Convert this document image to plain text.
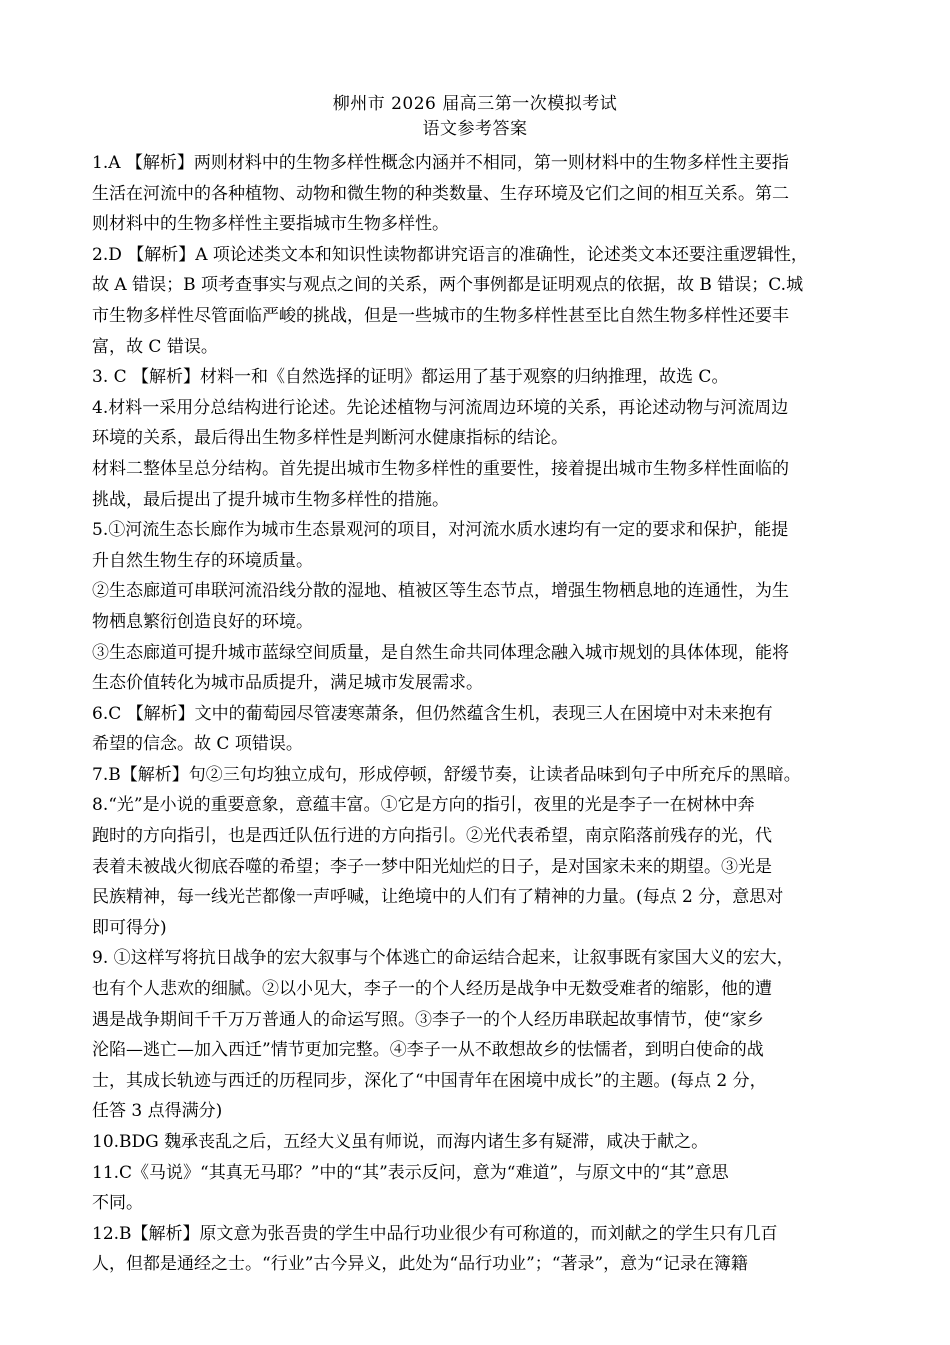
柳州市 2026 届高三第一次模拟考试
语文参考答案
1.A 【解析】两则材料中的生物多样性概念内涵并不相同，第一则材料中的生物多样性主要指
生活在河流中的各种植物、动物和微生物的种类数量、生存环境及它们之间的相互关系。第二
则材料中的生物多样性主要指城市生物多样性。
2.D 【解析】A 项论述类文本和知识性读物都讲究语言的准确性，论述类文本还要注重逻辑性，
故 A 错误；B 项考查事实与观点之间的关系，两个事例都是证明观点的依据，故 B 错误；C.城
市生物多样性尽管面临严峻的挑战，但是一些城市的生物多样性甚至比自然生物多样性还要丰
富，故 C 错误。
3. C 【解析】材料一和《自然选择的证明》都运用了基于观察的归纳推理，故选 C。
4.材料一采用分总结构进行论述。先论述植物与河流周边环境的关系，再论述动物与河流周边
环境的关系，最后得出生物多样性是判断河水健康指标的结论。
材料二整体呈总分结构。首先提出城市生物多样性的重要性，接着提出城市生物多样性面临的
挑战，最后提出了提升城市生物多样性的措施。
5.①河流生态长廊作为城市生态景观河的项目，对河流水质水速均有一定的要求和保护，能提
升自然生物生存的环境质量。
②生态廊道可串联河流沿线分散的湿地、植被区等生态节点，增强生物栖息地的连通性，为生
物栖息繁衍创造良好的环境。
③生态廊道可提升城市蓝绿空间质量，是自然生命共同体理念融入城市规划的具体体现，能将
生态价值转化为城市品质提升，满足城市发展需求。
6.C 【解析】文中的葡萄园尽管凄寒萧条，但仍然蕴含生机，表现三人在困境中对未来抱有
希望的信念。故 C 项错误。
7.B【解析】句②三句均独立成句，形成停顿，舒缓节奏，让读者品味到句子中所充斥的黑暗。
8.“光”是小说的重要意象，意蕴丰富。①它是方向的指引，夜里的光是李子一在树林中奔
跑时的方向指引，也是西迁队伍行进的方向指引。②光代表希望，南京陷落前残存的光，代
表着未被战火彻底吞噬的希望；李子一梦中阳光灿烂的日子，是对国家未来的期望。③光是
民族精神，每一线光芒都像一声呼喊，让绝境中的人们有了精神的力量。(每点 2 分，意思对
即可得分)
9. ①这样写将抗日战争的宏大叙事与个体逃亡的命运结合起来，让叙事既有家国大义的宏大，
也有个人悲欢的细腻。②以小见大，李子一的个人经历是战争中无数受难者的缩影，他的遭
遇是战争期间千千万万普通人的命运写照。③李子一的个人经历串联起故事情节，使“家乡
沦陷—逃亡—加入西迁”情节更加完整。④李子一从不敢想故乡的怯懦者，到明白使命的战
士，其成长轨迹与西迁的历程同步，深化了“中国青年在困境中成长”的主题。(每点 2 分，
任答 3 点得满分)
10.BDG 魏承丧乱之后，五经大义虽有师说，而海内诸生多有疑滞，咸决于献之。
11.C《马说》“其真无马耶？”中的“其”表示反问，意为“难道”，与原文中的“其”意思
不同。
12.B【解析】原文意为张吾贵的学生中品行功业很少有可称道的，而刘献之的学生只有几百
人，但都是通经之士。“行业”古今异义，此处为“品行功业”；“著录”，意为“记录在簿籍
